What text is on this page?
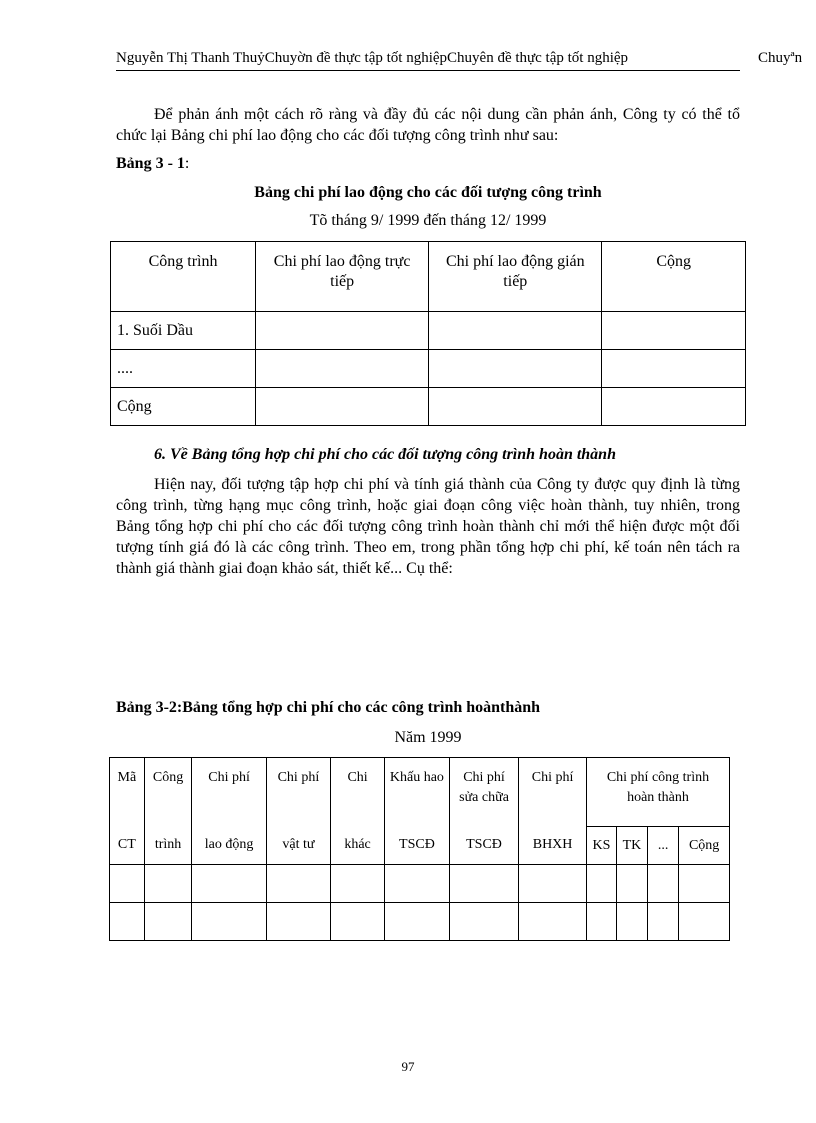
Nguyễn Thị Thanh ThuỷChuyờn đề thực tập tốt nghiệpChuyên đề thực tập tốt nghiệp	Chuyªn

Để phản ánh một cách rõ ràng và đầy đủ các nội dung cần phản ánh, Công ty có thể tổ chức lại Bảng chi phí lao động cho các đối tượng công trình như sau:

Bảng 3 - 1:
Bảng chi phí lao động cho các đối tượng công trình
Tõ tháng 9/ 1999 đến tháng 12/ 1999
Công trình	Chi phí lao động trực tiếp	Chi phí lao động gián tiếp	Cộng
1. Suối Dầu			
....			
Cộng			
6. Về Bảng tổng hợp chi phí cho các đối tượng công trình hoàn thành

Hiện nay, đối tượng tập hợp chi phí và tính giá thành của Công ty được quy định là từng công trình, từng hạng mục công trình, hoặc giai đoạn công việc hoàn thành, tuy nhiên, trong Bảng tổng hợp chi phí cho các đối tượng công trình hoàn thành chỉ mới thể hiện được một đối tượng tính giá đó là các công trình. Theo em, trong phần tổng hợp chi phí, kế toán nên tách ra thành giá thành giai đoạn khảo sát, thiết kế... Cụ thể:

Bảng 3-2:Bảng tổng hợp chi phí cho các công trình hoànthành
Năm 1999
Mã	Công	Chi phí	Chi phí	Chi	Khấu hao	Chi phí sửa chữa	Chi phí	Chi phí công trình hoàn thành			
CT	trình	lao động	vật tư	khác	TSCĐ	TSCĐ	BHXH	KS	TK	...	Cộng

97
